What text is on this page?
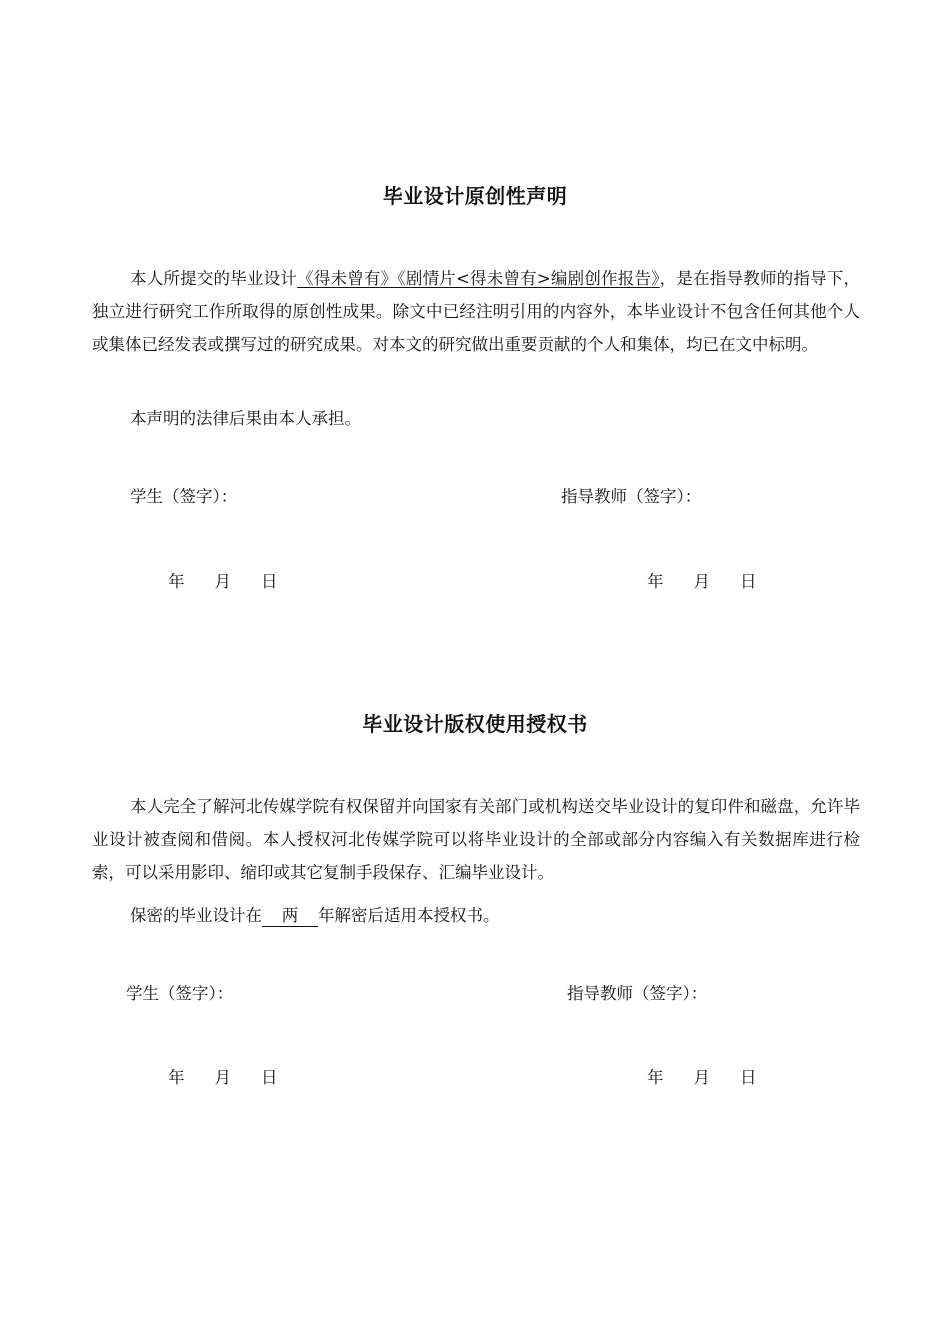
毕业设计原创性声明
本人所提交的毕业设计《得未曾有》《剧情片<得未曾有>编剧创作报告》，是在指导教师的指导下，独立进行研究工作所取得的原创性成果。除文中已经注明引用的内容外，本毕业设计不包含任何其他个人或集体已经发表或撰写过的研究成果。对本文的研究做出重要贡献的个人和集体，均已在文中标明。
本声明的法律后果由本人承担。
学生（签字）：	指导教师（签字）：
年 月 日	年 月 日
毕业设计版权使用授权书
本人完全了解河北传媒学院有权保留并向国家有关部门或机构送交毕业设计的复印件和磁盘，允许毕业设计被查阅和借阅。本人授权河北传媒学院可以将毕业设计的全部或部分内容编入有关数据库进行检索，可以采用影印、缩印或其它复制手段保存、汇编毕业设计。
保密的毕业设计在 两 年解密后适用本授权书。
学生（签字）：	指导教师（签字）：
年 月 日	年 月 日
